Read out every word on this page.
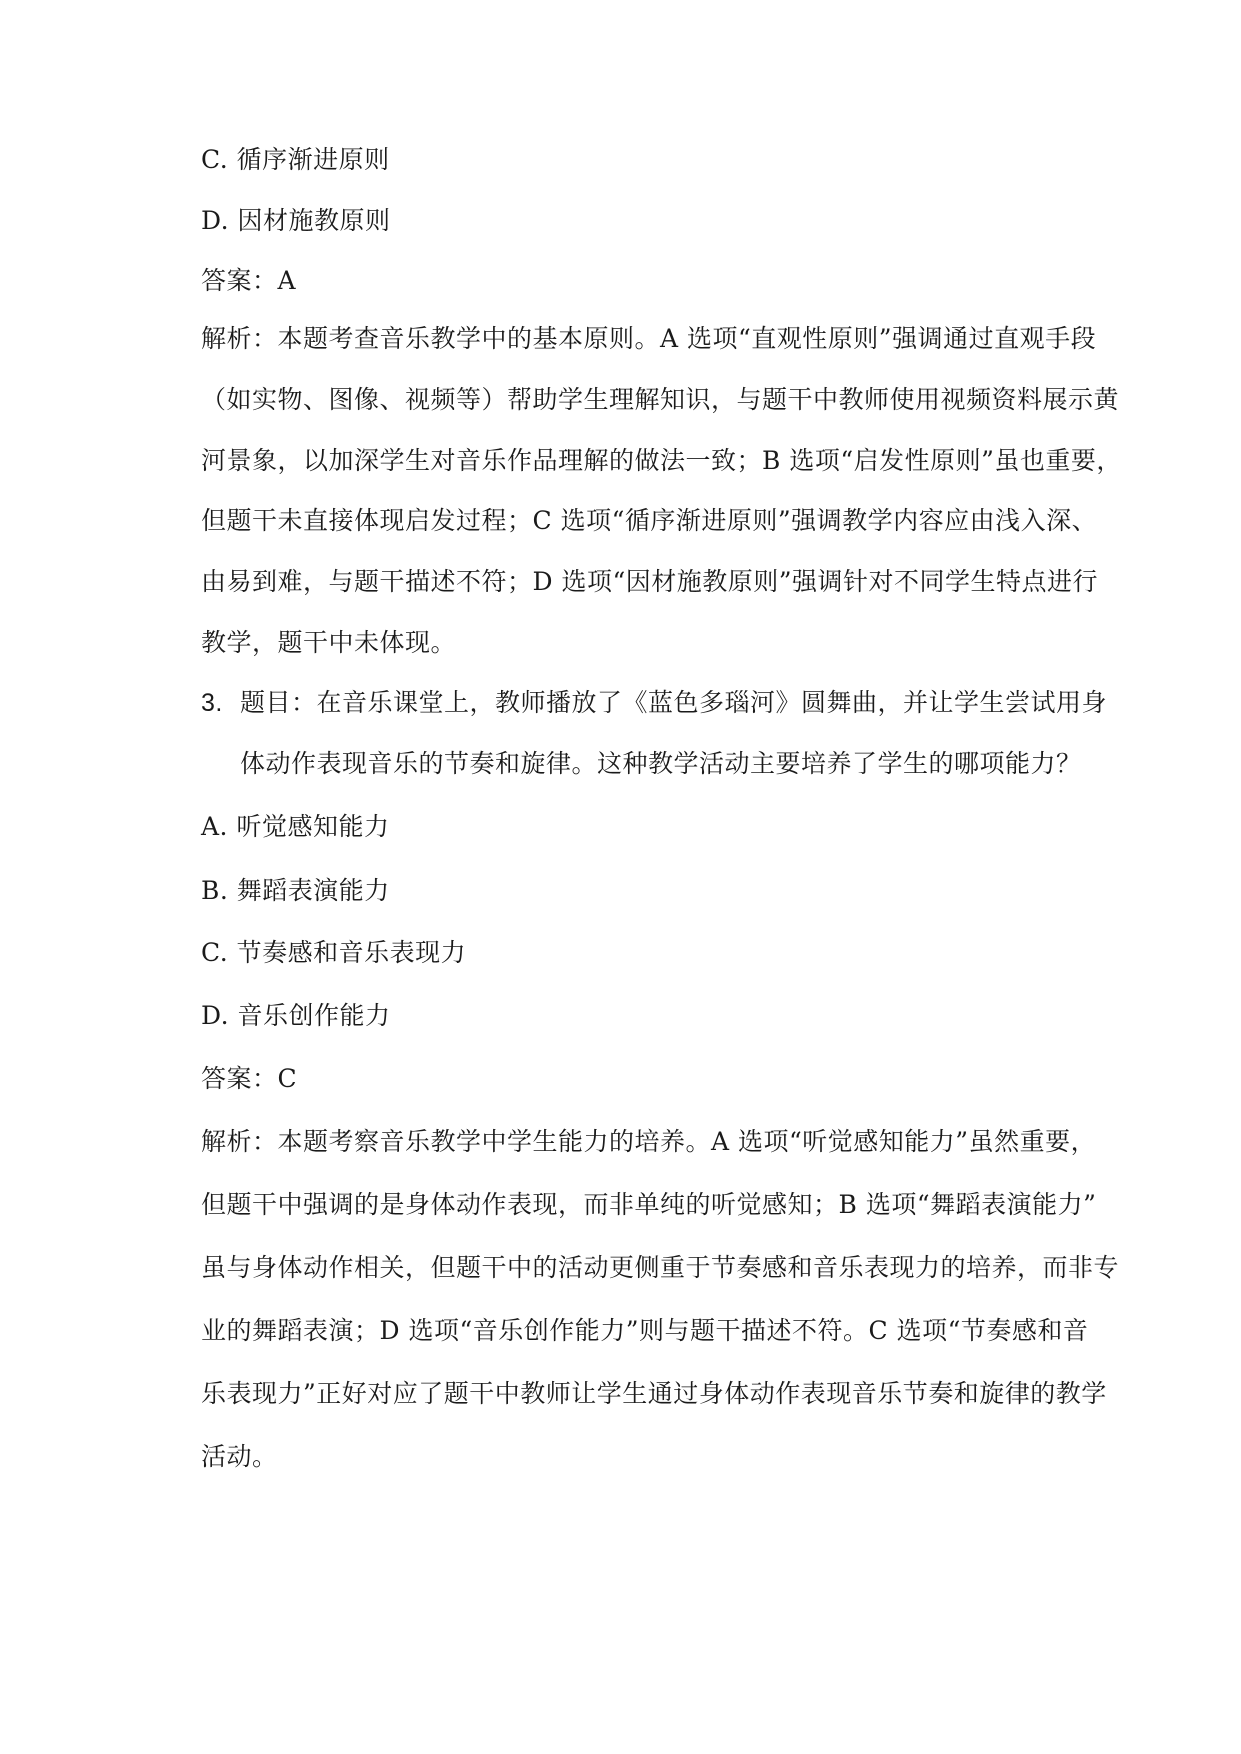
C. 循序渐进原则
D. 因材施教原则
答案：A
解析：本题考查音乐教学中的基本原则。A 选项“直观性原则”强调通过直观手段
（如实物、图像、视频等）帮助学生理解知识，与题干中教师使用视频资料展示黄
河景象，以加深学生对音乐作品理解的做法一致；B 选项“启发性原则”虽也重要，
但题干未直接体现启发过程；C 选项“循序渐进原则”强调教学内容应由浅入深、
由易到难，与题干描述不符；D 选项“因材施教原则”强调针对不同学生特点进行
教学，题干中未体现。
3. 题目：在音乐课堂上，教师播放了《蓝色多瑙河》圆舞曲，并让学生尝试用身
体动作表现音乐的节奏和旋律。这种教学活动主要培养了学生的哪项能力？
A. 听觉感知能力
B. 舞蹈表演能力
C. 节奏感和音乐表现力
D. 音乐创作能力
答案：C
解析：本题考察音乐教学中学生能力的培养。A 选项“听觉感知能力”虽然重要，
但题干中强调的是身体动作表现，而非单纯的听觉感知；B 选项“舞蹈表演能力”
虽与身体动作相关，但题干中的活动更侧重于节奏感和音乐表现力的培养，而非专
业的舞蹈表演；D 选项“音乐创作能力”则与题干描述不符。C 选项“节奏感和音
乐表现力”正好对应了题干中教师让学生通过身体动作表现音乐节奏和旋律的教学
活动。
